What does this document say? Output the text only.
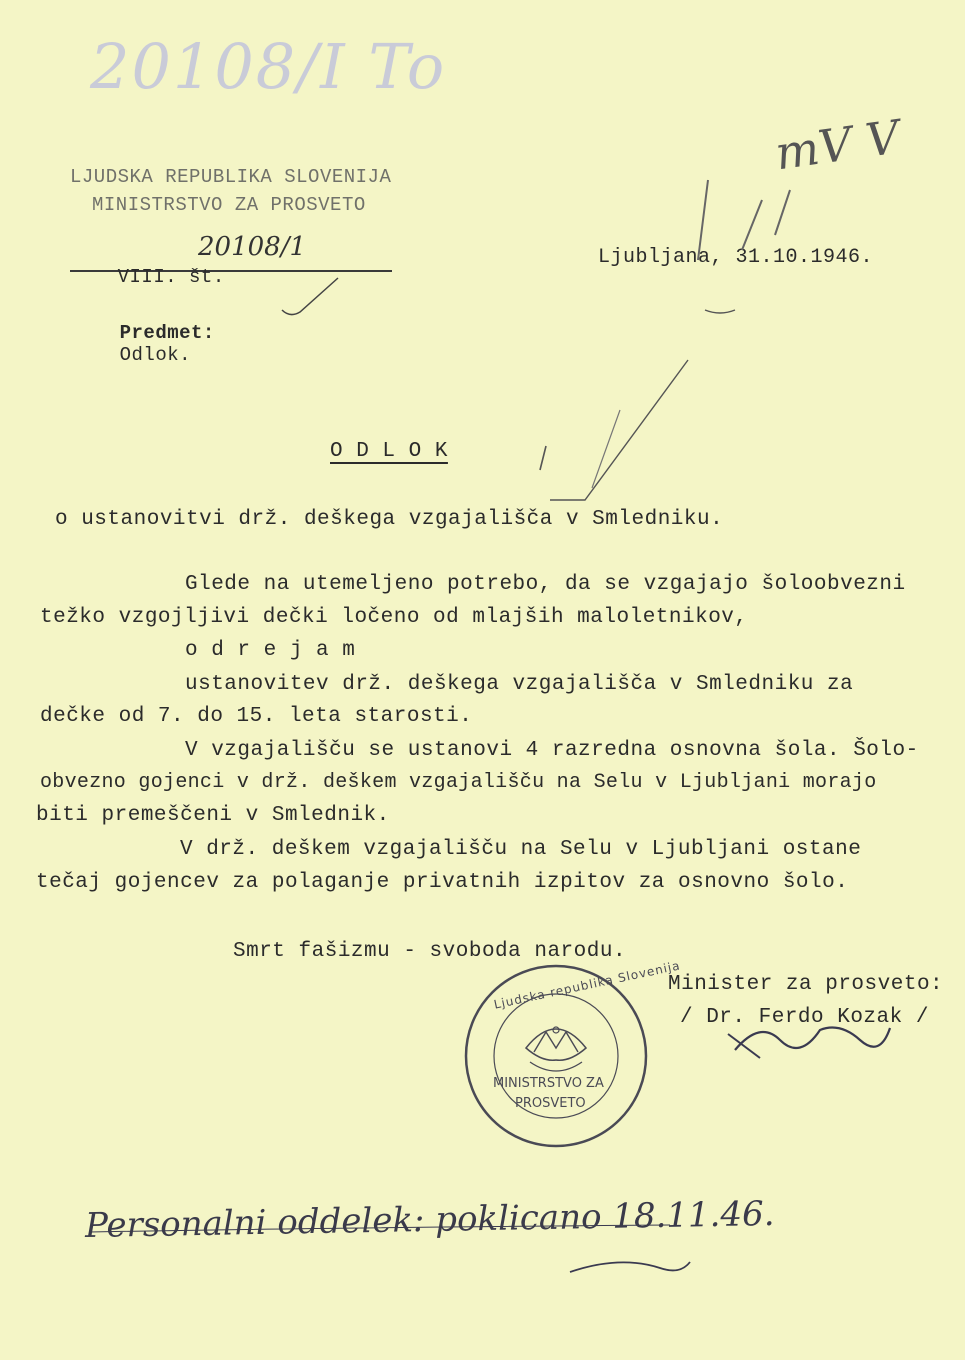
20108/I To
mV V
LJUDSKA REPUBLIKA SLOVENIJA
MINISTRSTVO ZA PROSVETO

VIII. št.

20108/1	Ljubljana, 31.10.1946.

Predmet:
Odlok.

O D L O K
o ustanovitvi drž. deškega vzgajališča v Smledniku.
Glede na utemeljeno potrebo, da se vzgajajo šoloobvezni
težko vzgojljivi dečki ločeno od mlajših maloletnikov,
o d r e j a m
ustanovitev drž. deškega vzgajališča v Smledniku za
dečke od 7. do 15. leta starosti.
V vzgajališču se ustanovi 4 razredna osnovna šola. Šolo-
obvezno gojenci v drž. deškem vzgajališču na Selu v Ljubljani morajo
biti premeščeni v Smlednik.
V drž. deškem vzgajališču na Selu v Ljubljani ostane
tečaj gojencev za polaganje privatnih izpitov za osnovno šolo.
Smrt fašizmu - svoboda narodu.
Minister za prosveto:
/ Dr. Ferdo Kozak /
Ljudska republika Slovenija
MINISTRSTVO ZA
PROSVETO
Personalni oddelek: poklicano 18.11.46.
